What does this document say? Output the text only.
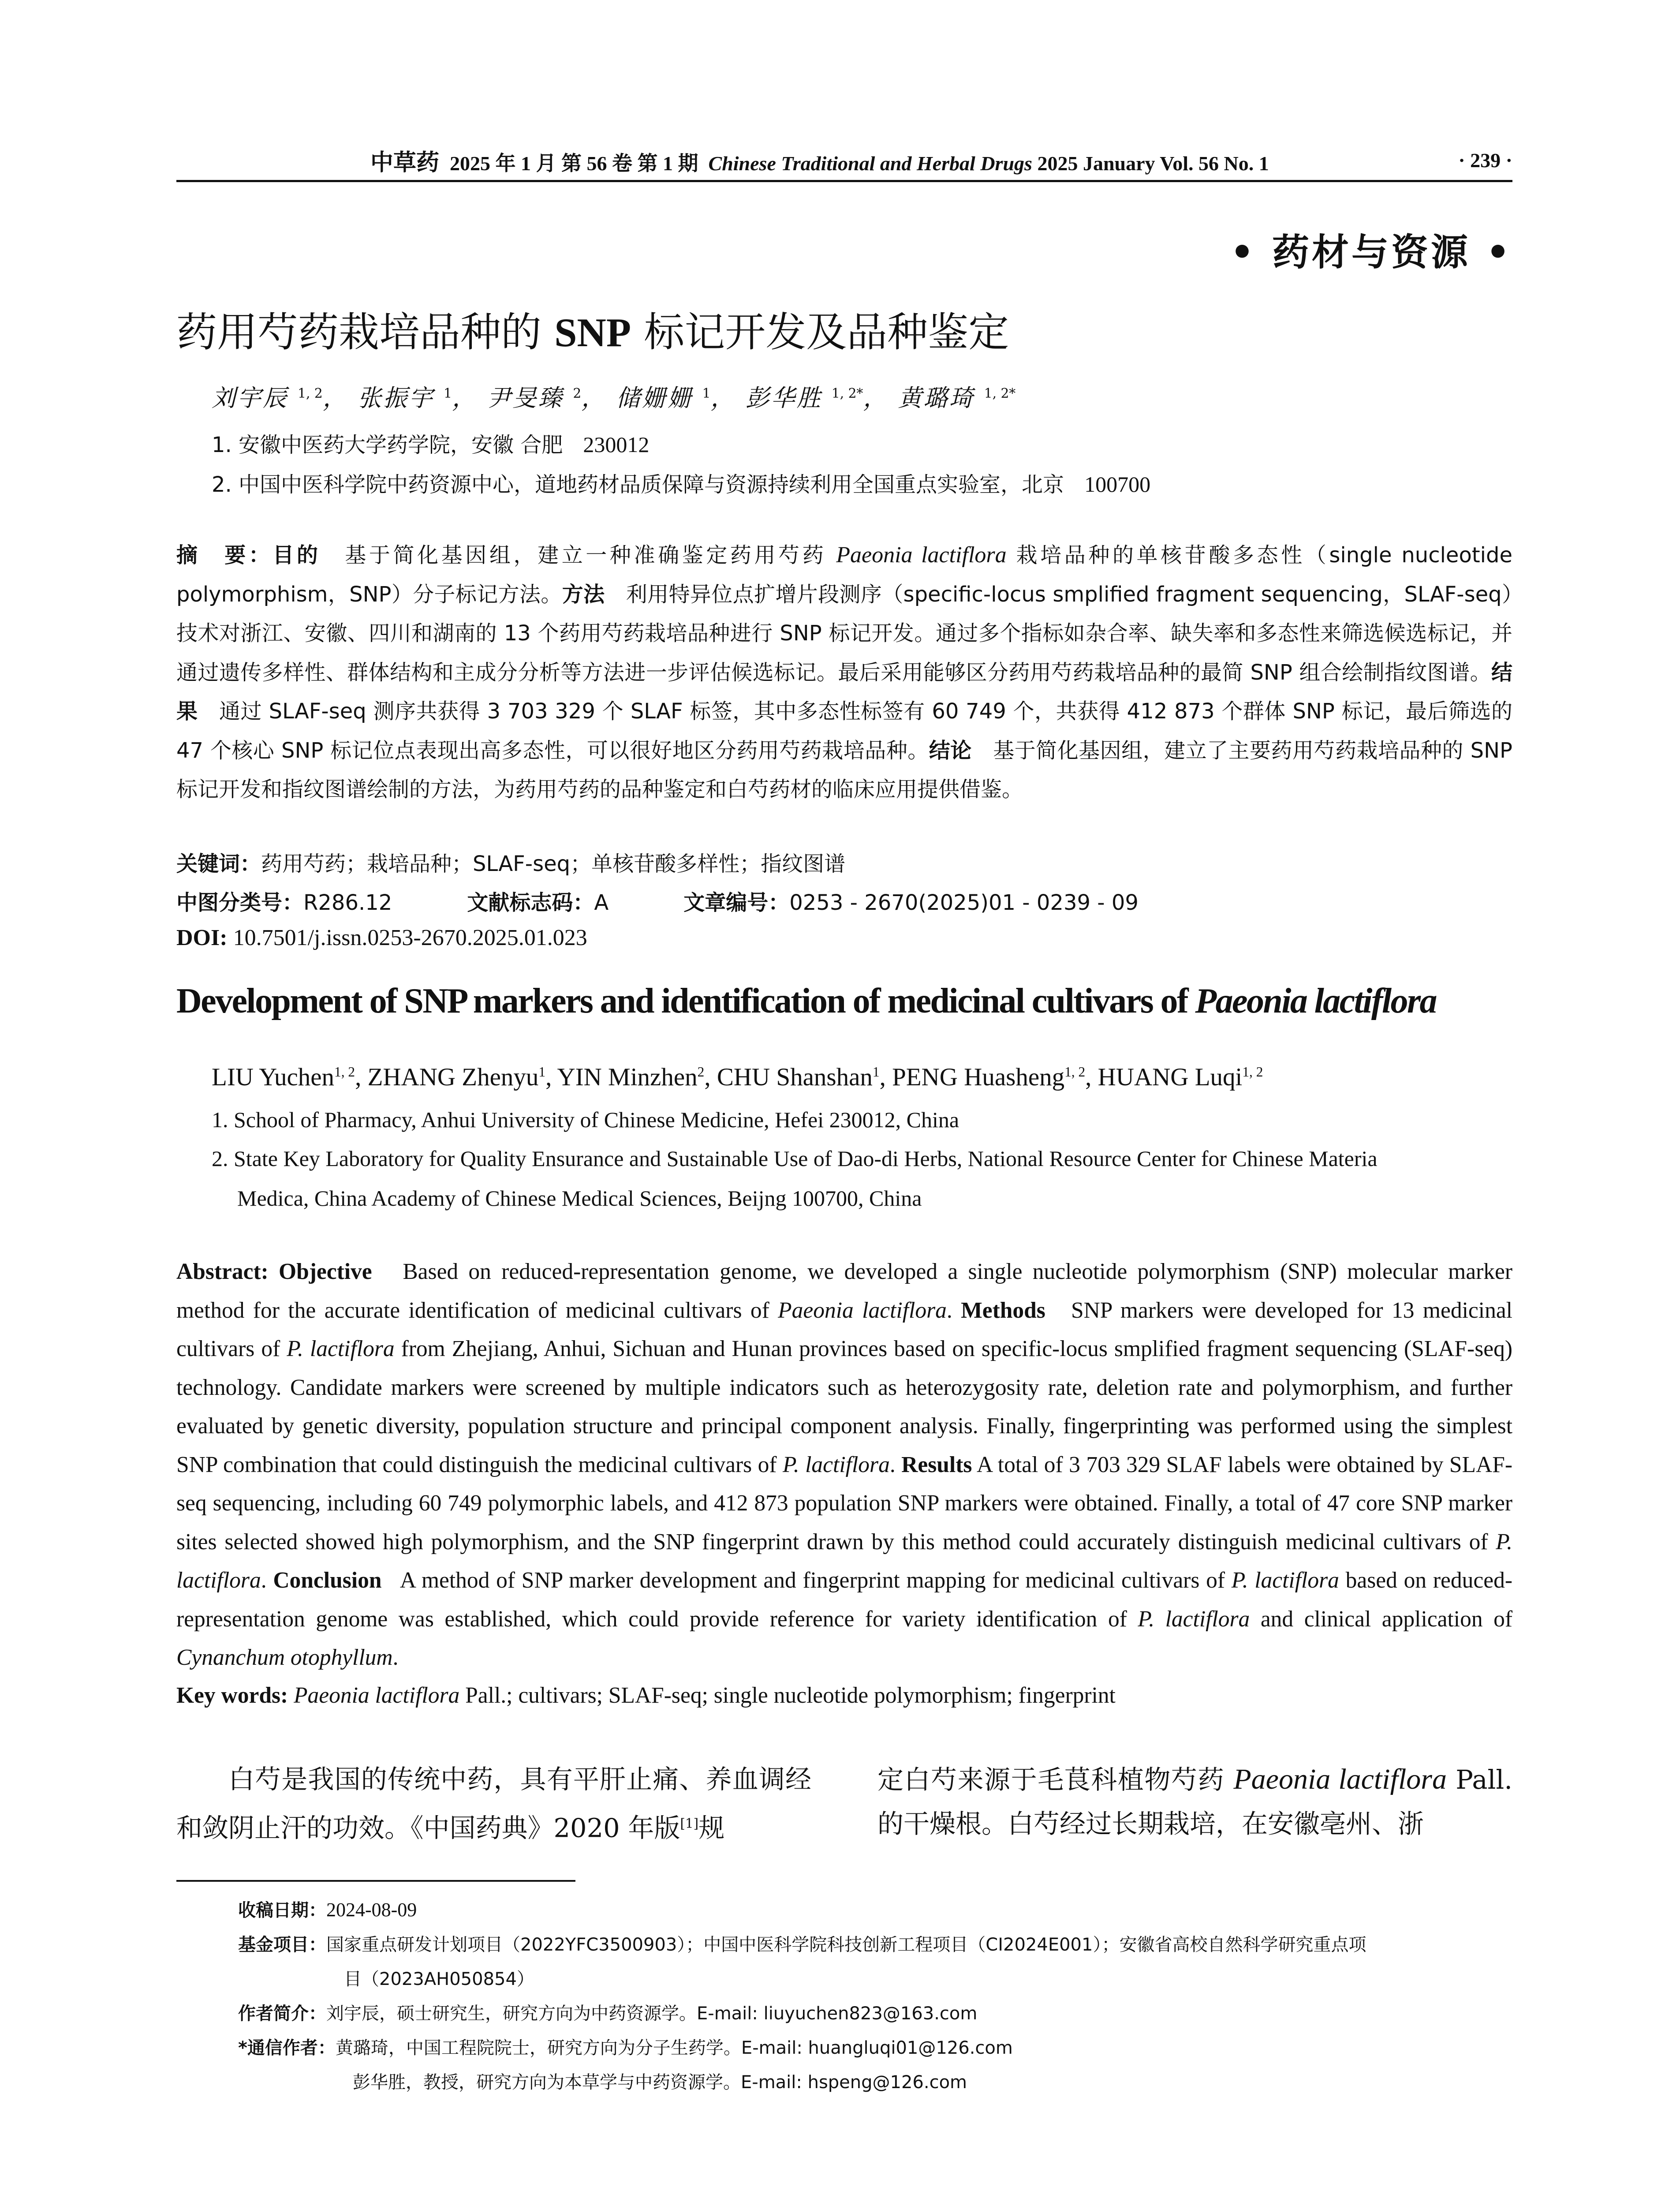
中草药 2025 年 1 月 第 56 卷 第 1 期 Chinese Traditional and Herbal Drugs 2025 January Vol. 56 No. 1	· 239 ·
• 药材与资源 •
药用芍药栽培品种的 SNP 标记开发及品种鉴定
刘宇辰 $^{1, 2}$， 张振宇 $^1$， 尹旻臻 $^2$， 储姗姗 $^1$， 彭华胜 $^{1, 2*}$， 黄璐琦 $^{1, 2*}$
1. 安徽中医药大学药学院，安徽 合肥 230012
2. 中国中医科学院中药资源中心，道地药材品质保障与资源持续利用全国重点实验室，北京 100700
摘　要：目的　基于简化基因组，建立一种准确鉴定药用芍药 Paeonia lactiflora 栽培品种的单核苷酸多态性（single nucleotide polymorphism，SNP）分子标记方法。方法　利用特异位点扩增片段测序（specific-locus smplified fragment sequencing，SLAF-seq）技术对浙江、安徽、四川和湖南的 13 个药用芍药栽培品种进行 SNP 标记开发。通过多个指标如杂合率、缺失率和多态性来筛选候选标记，并通过遗传多样性、群体结构和主成分分析等方法进一步评估候选标记。最后采用能够区分药用芍药栽培品种的最简 SNP 组合绘制指纹图谱。结果　通过 SLAF-seq 测序共获得 3 703 329 个 SLAF 标签，其中多态性标签有 60 749 个，共获得 412 873 个群体 SNP 标记，最后筛选的 47 个核心 SNP 标记位点表现出高多态性，可以很好地区分药用芍药栽培品种。结论　基于简化基因组，建立了主要药用芍药栽培品种的 SNP 标记开发和指纹图谱绘制的方法，为药用芍药的品种鉴定和白芍药材的临床应用提供借鉴。
关键词：药用芍药；栽培品种；SLAF-seq；单核苷酸多样性；指纹图谱
中图分类号：R286.12	文献标志码：A	文章编号：0253 - 2670(2025)01 - 0239 - 09
DOI: 10.7501/j.issn.0253-2670.2025.01.023
Development of SNP markers and identification of medicinal cultivars of Paeonia lactiflora
LIU Yuchen$^{1, 2}$, ZHANG Zhenyu$^1$, YIN Minzhen$^2$, CHU Shanshan$^1$, PENG Huasheng$^{1, 2}$, HUANG Luqi$^{1, 2}$
1. School of Pharmacy, Anhui University of Chinese Medicine, Hefei 230012, China
2. State Key Laboratory for Quality Ensurance and Sustainable Use of Dao-di Herbs, National Resource Center for Chinese Materia
Medica, China Academy of Chinese Medical Sciences, Beijng 100700, China
Abstract: Objective   Based on reduced-representation genome, we developed a single nucleotide polymorphism (SNP) molecular marker method for the accurate identification of medicinal cultivars of Paeonia lactiflora. Methods   SNP markers were developed for 13 medicinal cultivars of P. lactiflora from Zhejiang, Anhui, Sichuan and Hunan provinces based on specific-locus smplified fragment sequencing (SLAF-seq) technology. Candidate markers were screened by multiple indicators such as heterozygosity rate, deletion rate and polymorphism, and further evaluated by genetic diversity, population structure and principal component analysis. Finally, fingerprinting was performed using the simplest SNP combination that could distinguish the medicinal cultivars of P. lactiflora. Results A total of 3 703 329 SLAF labels were obtained by SLAF-seq sequencing, including 60 749 polymorphic labels, and 412 873 population SNP markers were obtained. Finally, a total of 47 core SNP marker sites selected showed high polymorphism, and the SNP fingerprint drawn by this method could accurately distinguish medicinal cultivars of P. lactiflora. Conclusion   A method of SNP marker development and fingerprint mapping for medicinal cultivars of P. lactiflora based on reduced-representation genome was established, which could provide reference for variety identification of P. lactiflora and clinical application of Cynanchum otophyllum.
Key words: Paeonia lactiflora Pall.; cultivars; SLAF-seq; single nucleotide polymorphism; fingerprint
白芍是我国的传统中药，具有平肝止痛、养血调经和敛阴止汗的功效。《中国药典》2020 年版[1]规
定白芍来源于毛茛科植物芍药 Paeonia lactiflora Pall.的干燥根。白芍经过长期栽培，在安徽亳州、浙
收稿日期：2024-08-09
基金项目：国家重点研发计划项目（2022YFC3500903）；中国中医科学院科技创新工程项目（CI2024E001）；安徽省高校自然科学研究重点项
目（2023AH050854）
作者简介：刘宇辰，硕士研究生，研究方向为中药资源学。E-mail: liuyuchen823@163.com
*通信作者：黄璐琦，中国工程院院士，研究方向为分子生药学。E-mail: huangluqi01@126.com
彭华胜，教授，研究方向为本草学与中药资源学。E-mail: hspeng@126.com
